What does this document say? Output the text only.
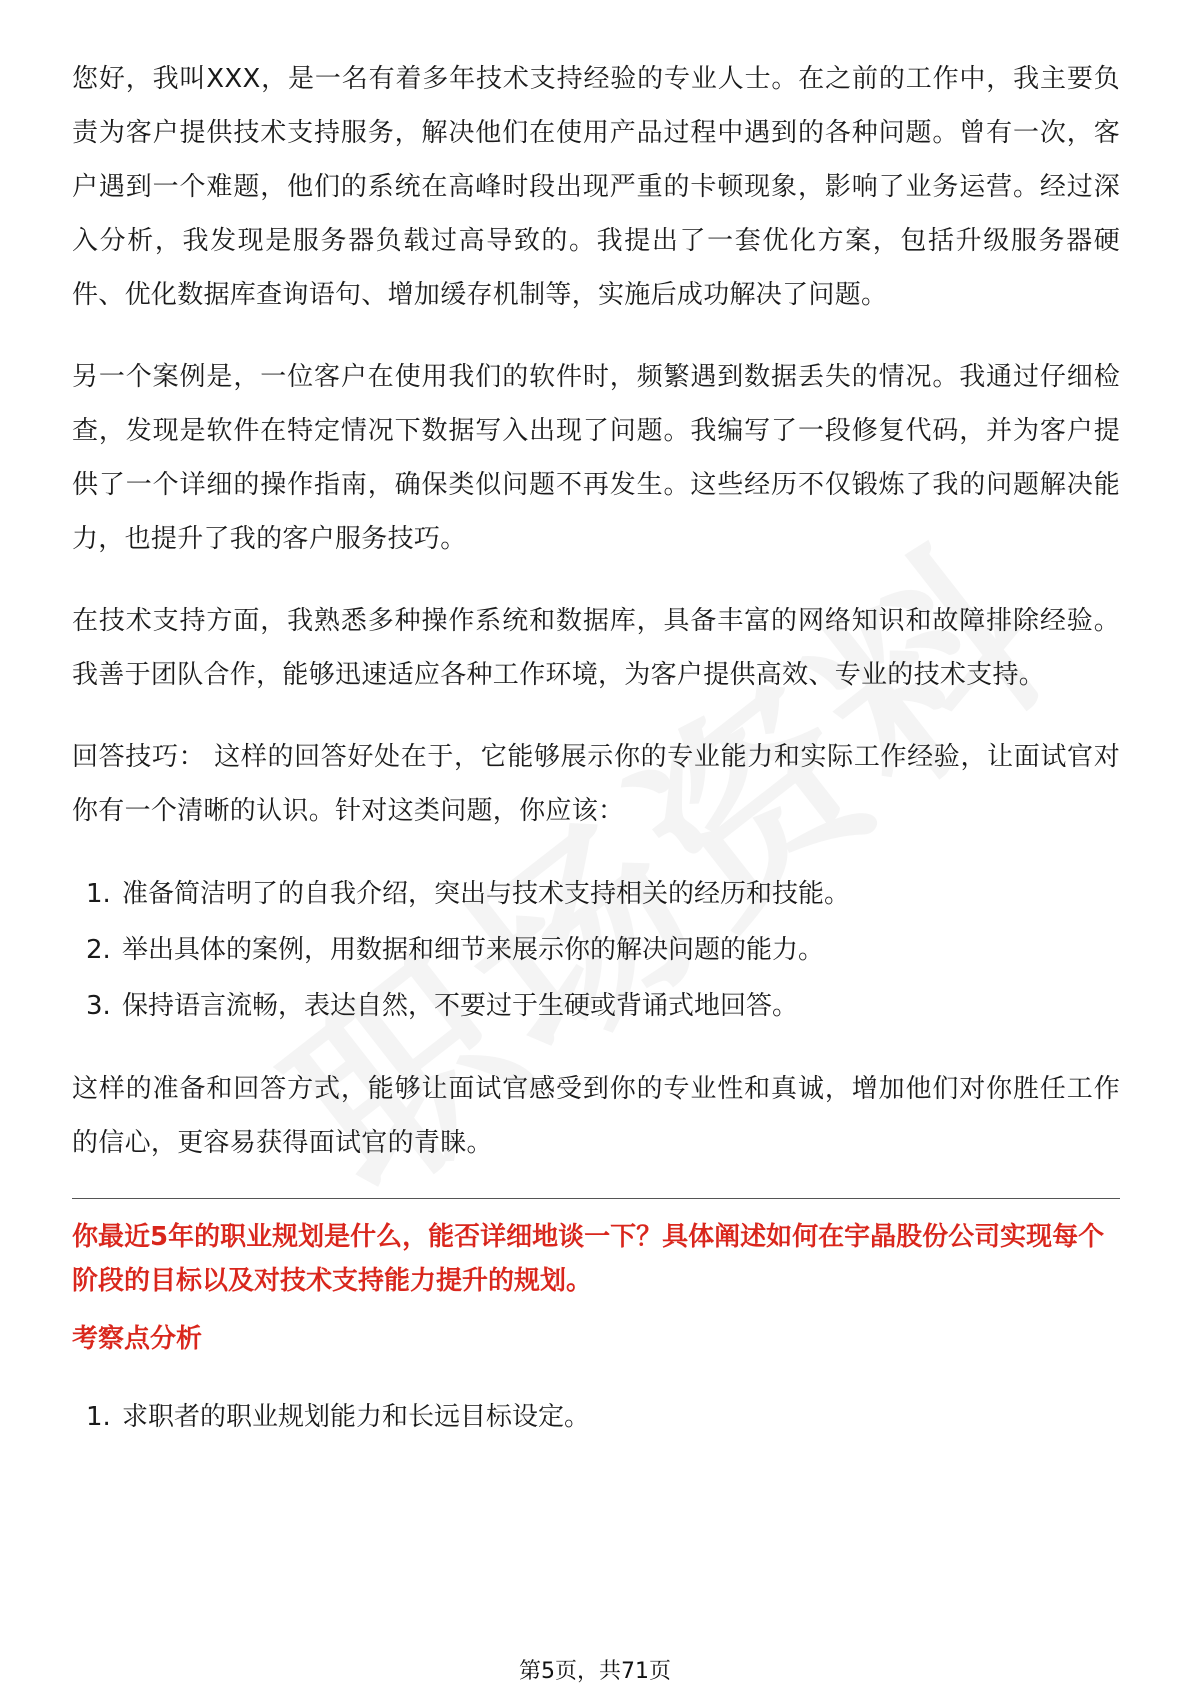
您好，我叫XXX，是一名有着多年技术支持经验的专业人士。在之前的工作中，我主要负责为客户提供技术支持服务，解决他们在使用产品过程中遇到的各种问题。曾有一次，客户遇到一个难题，他们的系统在高峰时段出现严重的卡顿现象，影响了业务运营。经过深入分析，我发现是服务器负载过高导致的。我提出了一套优化方案，包括升级服务器硬件、优化数据库查询语句、增加缓存机制等，实施后成功解决了问题。

另一个案例是，一位客户在使用我们的软件时，频繁遇到数据丢失的情况。我通过仔细检查，发现是软件在特定情况下数据写入出现了问题。我编写了一段修复代码，并为客户提供了一个详细的操作指南，确保类似问题不再发生。这些经历不仅锻炼了我的问题解决能力，也提升了我的客户服务技巧。

在技术支持方面，我熟悉多种操作系统和数据库，具备丰富的网络知识和故障排除经验。我善于团队合作，能够迅速适应各种工作环境，为客户提供高效、专业的技术支持。

回答技巧： 这样的回答好处在于，它能够展示你的专业能力和实际工作经验，让面试官对你有一个清晰的认识。针对这类问题，你应该：

1. 准备简洁明了的自我介绍，突出与技术支持相关的经历和技能。
2. 举出具体的案例，用数据和细节来展示你的解决问题的能力。
3. 保持语言流畅，表达自然，不要过于生硬或背诵式地回答。

这样的准备和回答方式，能够让面试官感受到你的专业性和真诚，增加他们对你胜任工作的信心，更容易获得面试官的青睐。

你最近5年的职业规划是什么，能否详细地谈一下？具体阐述如何在宇晶股份公司实现每个阶段的目标以及对技术支持能力提升的规划。

考察点分析

1. 求职者的职业规划能力和长远目标设定。
第5页，共71页
